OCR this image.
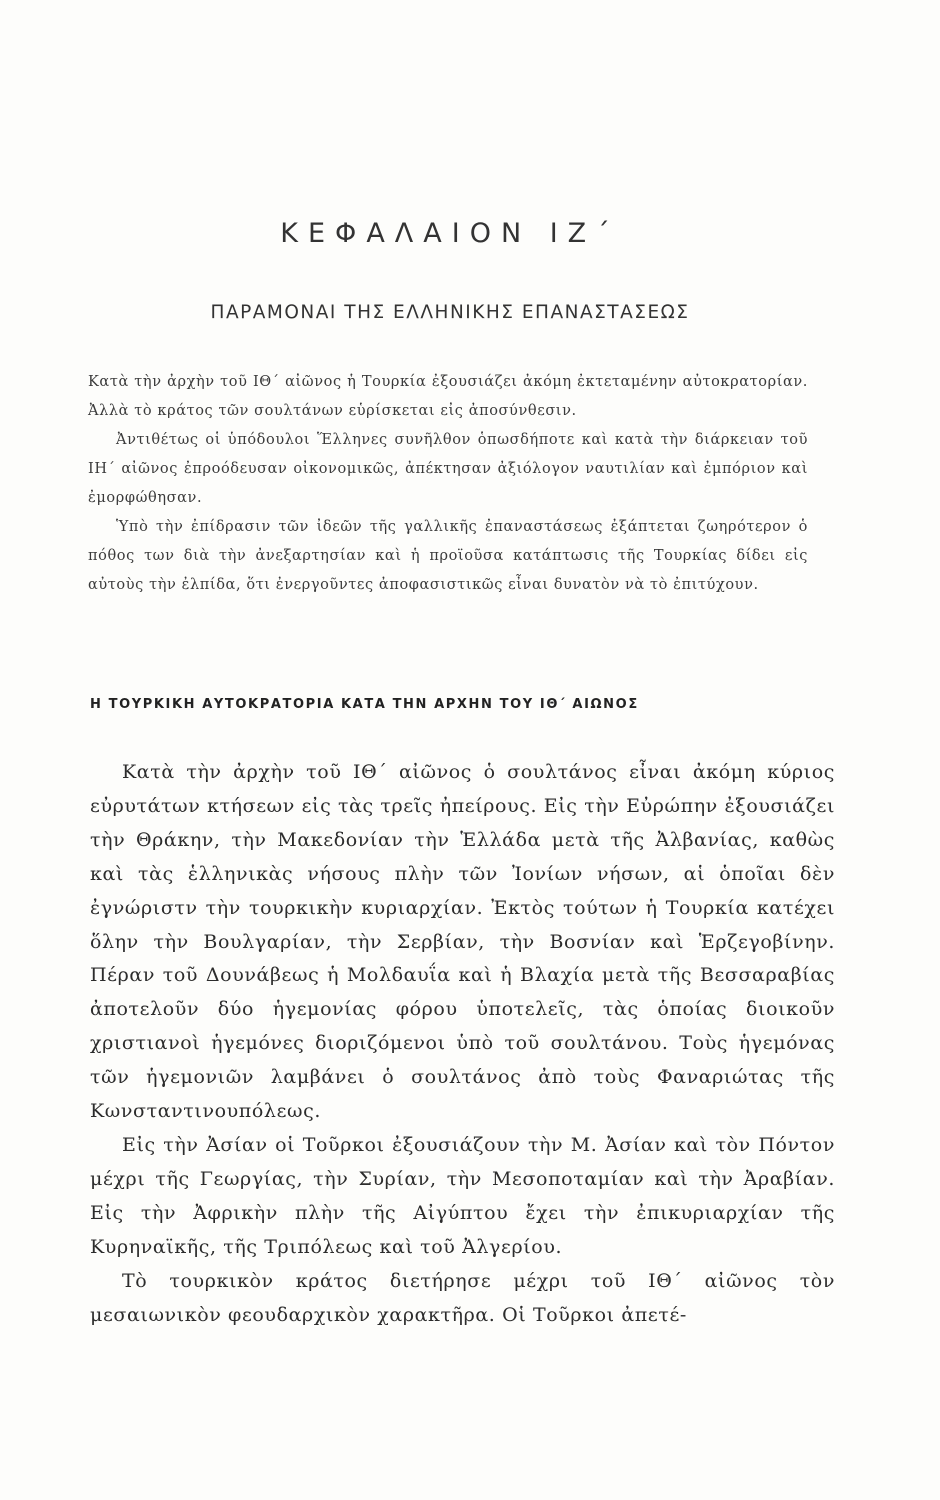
ΚΕΦΑΛΑΙΟΝ ΙΖ΄
ΠΑΡΑΜΟΝΑΙ ΤΗΣ ΕΛΛΗΝΙΚΗΣ ΕΠΑΝΑΣΤΑΣΕΩΣ

Κατὰ τὴν ἀρχὴν τοῦ ΙΘ΄ αἰῶνος ἡ Τουρκία ἐξουσιάζει ἀκόμη ἐκτεταμένην αὐτοκρατορίαν. Ἀλλὰ τὸ κράτος τῶν σουλτάνων εὑρίσκεται εἰς ἀποσύνθεσιν.

Ἀντιθέτως οἱ ὑπόδουλοι Ἕλληνες συνῆλθον ὁπωσδήποτε καὶ κατὰ τὴν διάρκειαν τοῦ ΙΗ΄ αἰῶνος ἐπροόδευσαν οἰκονομικῶς, ἀπέκτησαν ἀξιόλογον ναυτιλίαν καὶ ἐμπόριον καὶ ἐμορφώθησαν.

Ὑπὸ τὴν ἐπίδρασιν τῶν ἰδεῶν τῆς γαλλικῆς ἐπαναστάσεως ἐξάπτεται ζωηρότερον ὁ πόθος των διὰ τὴν ἀνεξαρτησίαν καὶ ἡ προϊοῦσα κατάπτωσις τῆς Τουρκίας δίδει εἰς αὐτοὺς τὴν ἐλπίδα, ὅτι ἐνεργοῦντες ἀποφασιστικῶς εἶναι δυνατὸν νὰ τὸ ἐπιτύχουν.

Η ΤΟΥΡΚΙΚΗ ΑΥΤΟΚΡΑΤΟΡΙΑ ΚΑΤΑ ΤΗΝ ΑΡΧΗΝ ΤΟΥ ΙΘ΄ ΑΙΩΝΟΣ

Κατὰ τὴν ἀρχὴν τοῦ ΙΘ΄ αἰῶνος ὁ σουλτάνος εἶναι ἀκόμη κύριος εὐρυτάτων κτήσεων εἰς τὰς τρεῖς ἠπείρους. Εἰς τὴν Εὐρώπην ἐξουσιάζει τὴν Θράκην, τὴν Μακεδονίαν τὴν Ἑλλάδα μετὰ τῆς Ἀλβανίας, καθὼς καὶ τὰς ἑλληνικὰς νήσους πλὴν τῶν Ἰονίων νήσων, αἱ ὁποῖαι δὲν ἐγνώριστν τὴν τουρκικὴν κυριαρχίαν. Ἐκτὸς τούτων ἡ Τουρκία κατέχει ὅλην τὴν Βουλγαρίαν, τὴν Σερβίαν, τὴν Βοσνίαν καὶ Ἑρζεγοβίνην. Πέραν τοῦ Δουνάβεως ἡ Μολδαυΐα καὶ ἡ Βλαχία μετὰ τῆς Βεσσαραβίας ἀποτελοῦν δύο ἡγεμονίας φόρου ὑποτελεῖς, τὰς ὁποίας διοικοῦν χριστιανοὶ ἡγεμόνες διοριζόμενοι ὑπὸ τοῦ σουλτάνου. Τοὺς ἡγεμόνας τῶν ἡγεμονιῶν λαμβάνει ὁ σουλτάνος ἀπὸ τοὺς Φαναριώτας τῆς Κωνσταντινουπόλεως.

Εἰς τὴν Ἀσίαν οἱ Τοῦρκοι ἐξουσιάζουν τὴν Μ. Ἀσίαν καὶ τὸν Πόντον μέχρι τῆς Γεωργίας, τὴν Συρίαν, τὴν Μεσοποταμίαν καὶ τὴν Ἀραβίαν. Εἰς τὴν Ἀφρικὴν πλὴν τῆς Αἰγύπτου ἔχει τὴν ἐπικυριαρχίαν τῆς Κυρηναϊκῆς, τῆς Τριπόλεως καὶ τοῦ Ἀλγερίου.

Τὸ τουρκικὸν κράτος διετήρησε μέχρι τοῦ ΙΘ΄ αἰῶνος τὸν μεσαιωνικὸν φεουδαρχικὸν χαρακτῆρα. Οἱ Τοῦρκοι ἀπετέ-
